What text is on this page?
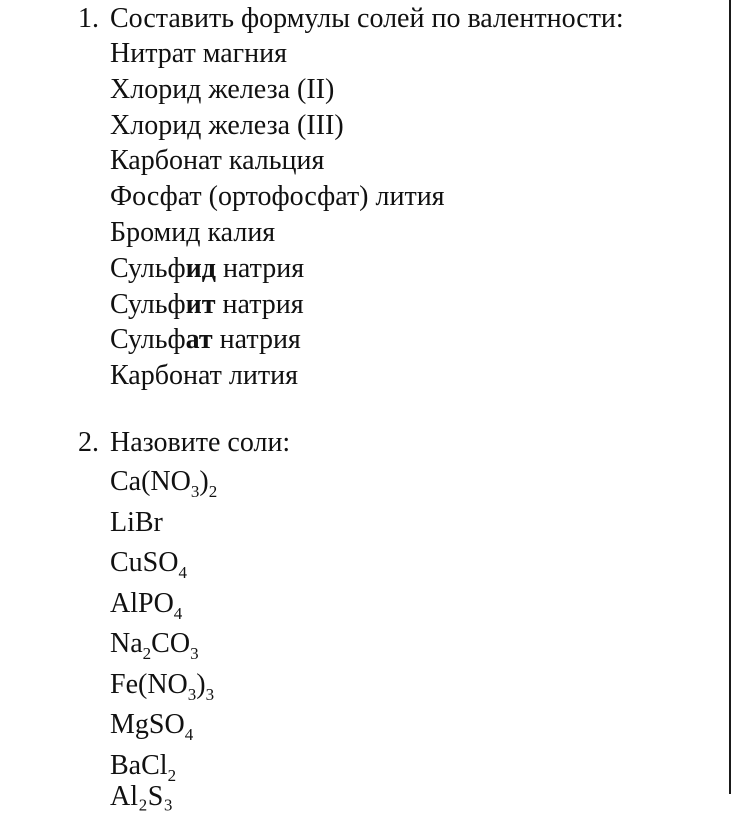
1. Составить формулы солей по валентности:
Нитрат магния
Хлорид железа (II)
Хлорид железа (III)
Карбонат кальция
Фосфат (ортофосфат) лития
Бромид калия
Сульфид натрия
Сульфит натрия
Сульфат натрия
Карбонат лития
2. Назовите соли:
$Ca(NO_3)_2$
LiBr
CuSO$_4$
AlPO$_4$
$Na_2CO_3$
$Fe(NO_3)_3$
MgSO$_4$
BaCl$_2$
Al₂S₃
